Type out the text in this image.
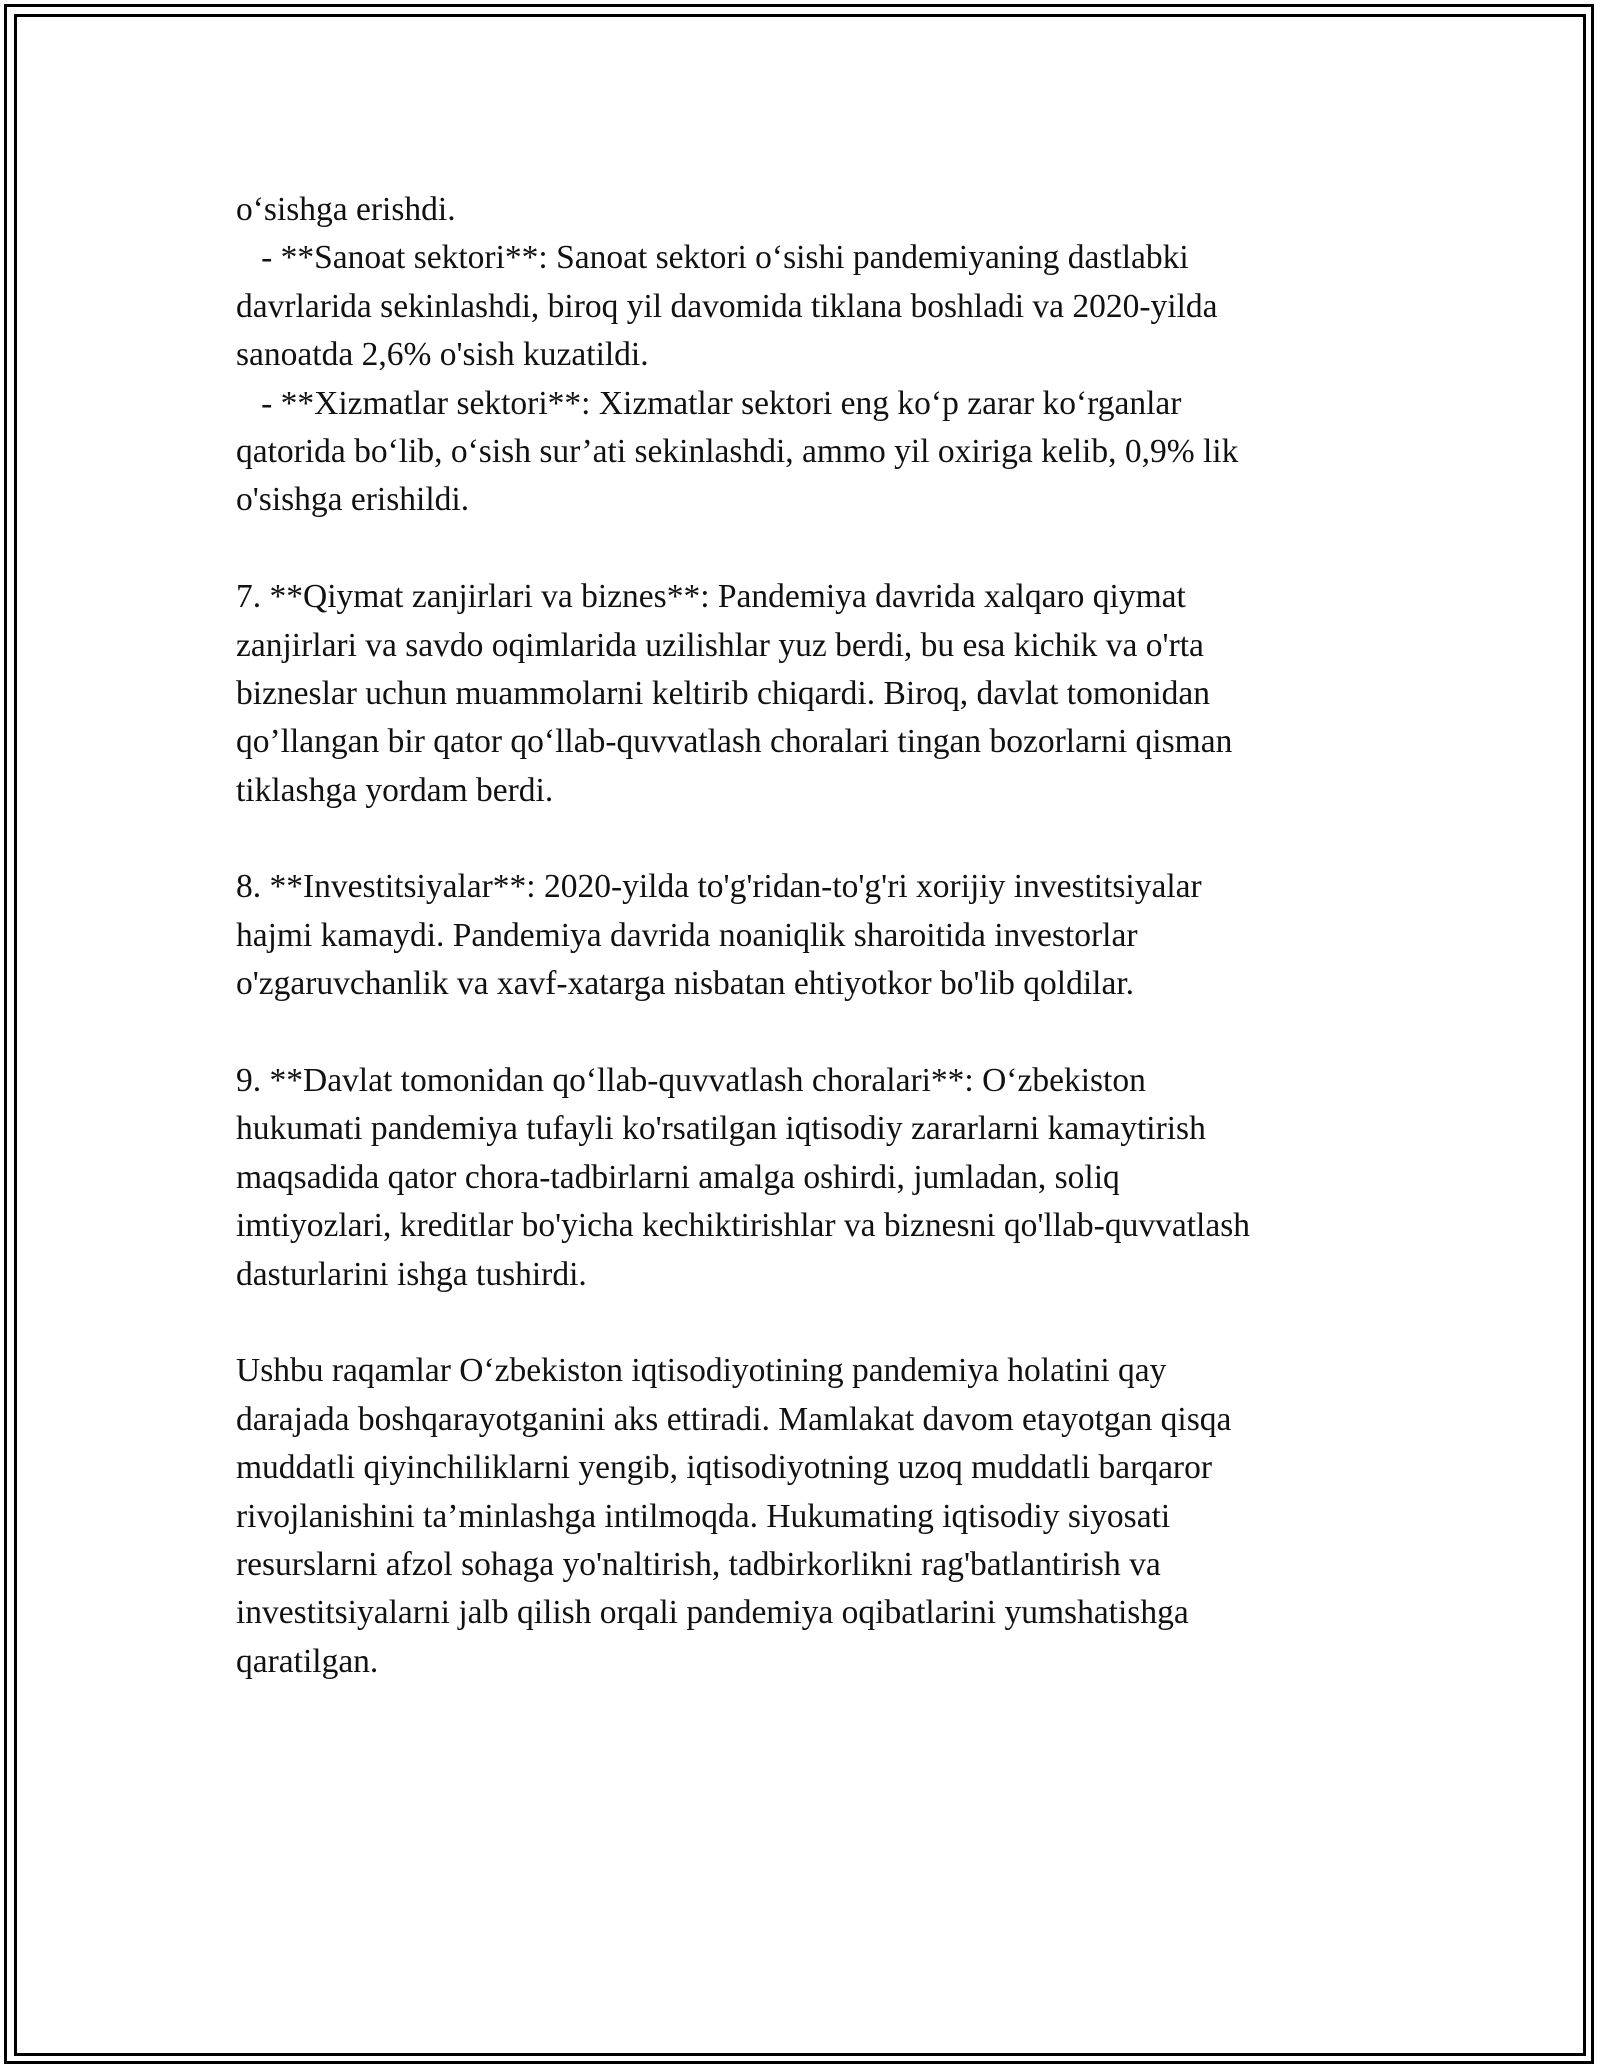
o‘sishga erishdi.
- **Sanoat sektori**: Sanoat sektori o‘sishi pandemiyaning dastlabki
davrlarida sekinlashdi, biroq yil davomida tiklana boshladi va 2020-yilda
sanoatda 2,6% o'sish kuzatildi.
- **Xizmatlar sektori**: Xizmatlar sektori eng ko‘p zarar ko‘rganlar
qatorida bo‘lib, o‘sish sur’ati sekinlashdi, ammo yil oxiriga kelib, 0,9% lik
o'sishga erishildi.
7. **Qiymat zanjirlari va biznes**: Pandemiya davrida xalqaro qiymat
zanjirlari va savdo oqimlarida uzilishlar yuz berdi, bu esa kichik va o'rta
bizneslar uchun muammolarni keltirib chiqardi. Biroq, davlat tomonidan
qo’llangan bir qator qo‘llab-quvvatlash choralari tingan bozorlarni qisman
tiklashga yordam berdi.
8. **Investitsiyalar**: 2020-yilda to'g'ridan-to'g'ri xorijiy investitsiyalar
hajmi kamaydi. Pandemiya davrida noaniqlik sharoitida investorlar
o'zgaruvchanlik va xavf-xatarga nisbatan ehtiyotkor bo'lib qoldilar.
9. **Davlat tomonidan qo‘llab-quvvatlash choralari**: O‘zbekiston
hukumati pandemiya tufayli ko'rsatilgan iqtisodiy zararlarni kamaytirish
maqsadida qator chora-tadbirlarni amalga oshirdi, jumladan, soliq
imtiyozlari, kreditlar bo'yicha kechiktirishlar va biznesni qo'llab-quvvatlash
dasturlarini ishga tushirdi.
Ushbu raqamlar O‘zbekiston iqtisodiyotining pandemiya holatini qay
darajada boshqarayotganini aks ettiradi. Mamlakat davom etayotgan qisqa
muddatli qiyinchiliklarni yengib, iqtisodiyotning uzoq muddatli barqaror
rivojlanishini ta’minlashga intilmoqda. Hukumating iqtisodiy siyosati
resurslarni afzol sohaga yo'naltirish, tadbirkorlikni rag'batlantirish va
investitsiyalarni jalb qilish orqali pandemiya oqibatlarini yumshatishga
qaratilgan.
